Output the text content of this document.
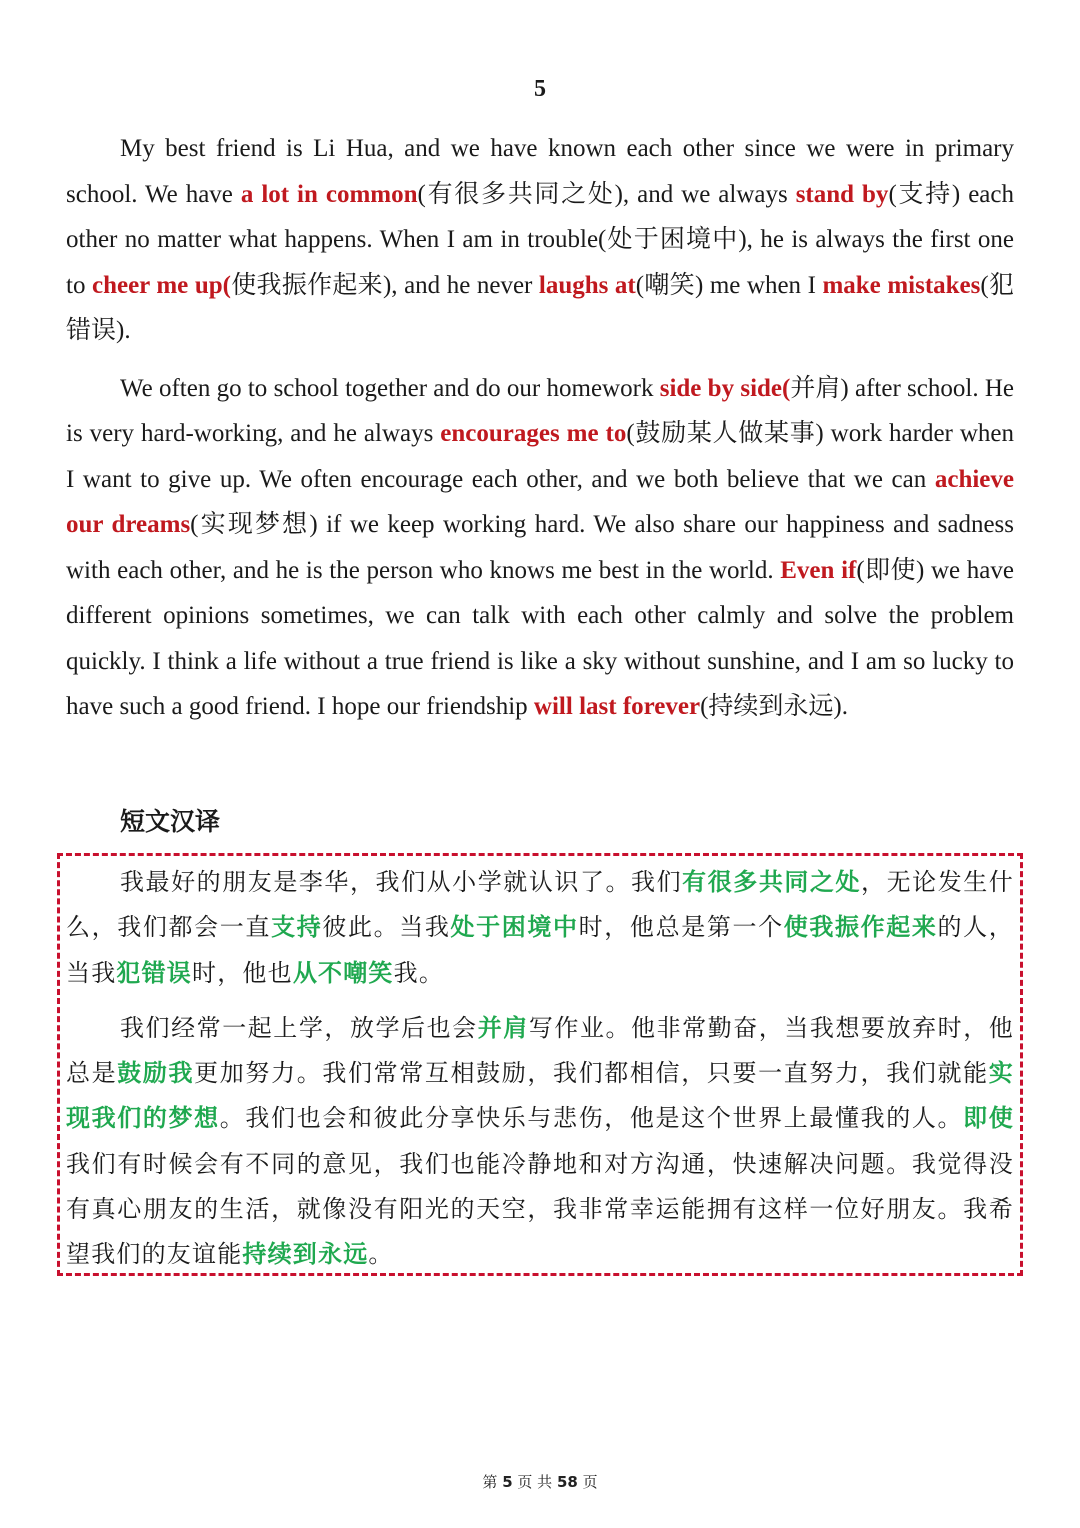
5

My best friend is Li Hua, and we have known each other since we were in primary school. We have a lot in common(有很多共同之处), and we always stand by(支持) each other no matter what happens. When I am in trouble(处于困境中), he is always the first one to cheer me up(使我振作起来), and he never laughs at(嘲笑) me when I make mistakes(犯错误).

We often go to school together and do our homework side by side(并肩) after school. He is very hard-working, and he always encourages me to(鼓励某人做某事) work harder when I want to give up. We often encourage each other, and we both believe that we can achieve our dreams(实现梦想) if we keep working hard. We also share our happiness and sadness with each other, and he is the person who knows me best in the world. Even if(即使) we have different opinions sometimes, we can talk with each other calmly and solve the problem quickly. I think a life without a true friend is like a sky without sunshine, and I am so lucky to have such a good friend. I hope our friendship will last forever(持续到永远).

短文汉译

我最好的朋友是李华，我们从小学就认识了。我们有很多共同之处，无论发生什么，我们都会一直支持彼此。当我处于困境中时，他总是第一个使我振作起来的人，当我犯错误时，他也从不嘲笑我。

我们经常一起上学，放学后也会并肩写作业。他非常勤奋，当我想要放弃时，他总是鼓励我更加努力。我们常常互相鼓励，我们都相信，只要一直努力，我们就能实现我们的梦想。我们也会和彼此分享快乐与悲伤，他是这个世界上最懂我的人。即使我们有时候会有不同的意见，我们也能冷静地和对方沟通，快速解决问题。我觉得没有真心朋友的生活，就像没有阳光的天空，我非常幸运能拥有这样一位好朋友。我希望我们的友谊能持续到永远。

第 5 页 共 58 页
